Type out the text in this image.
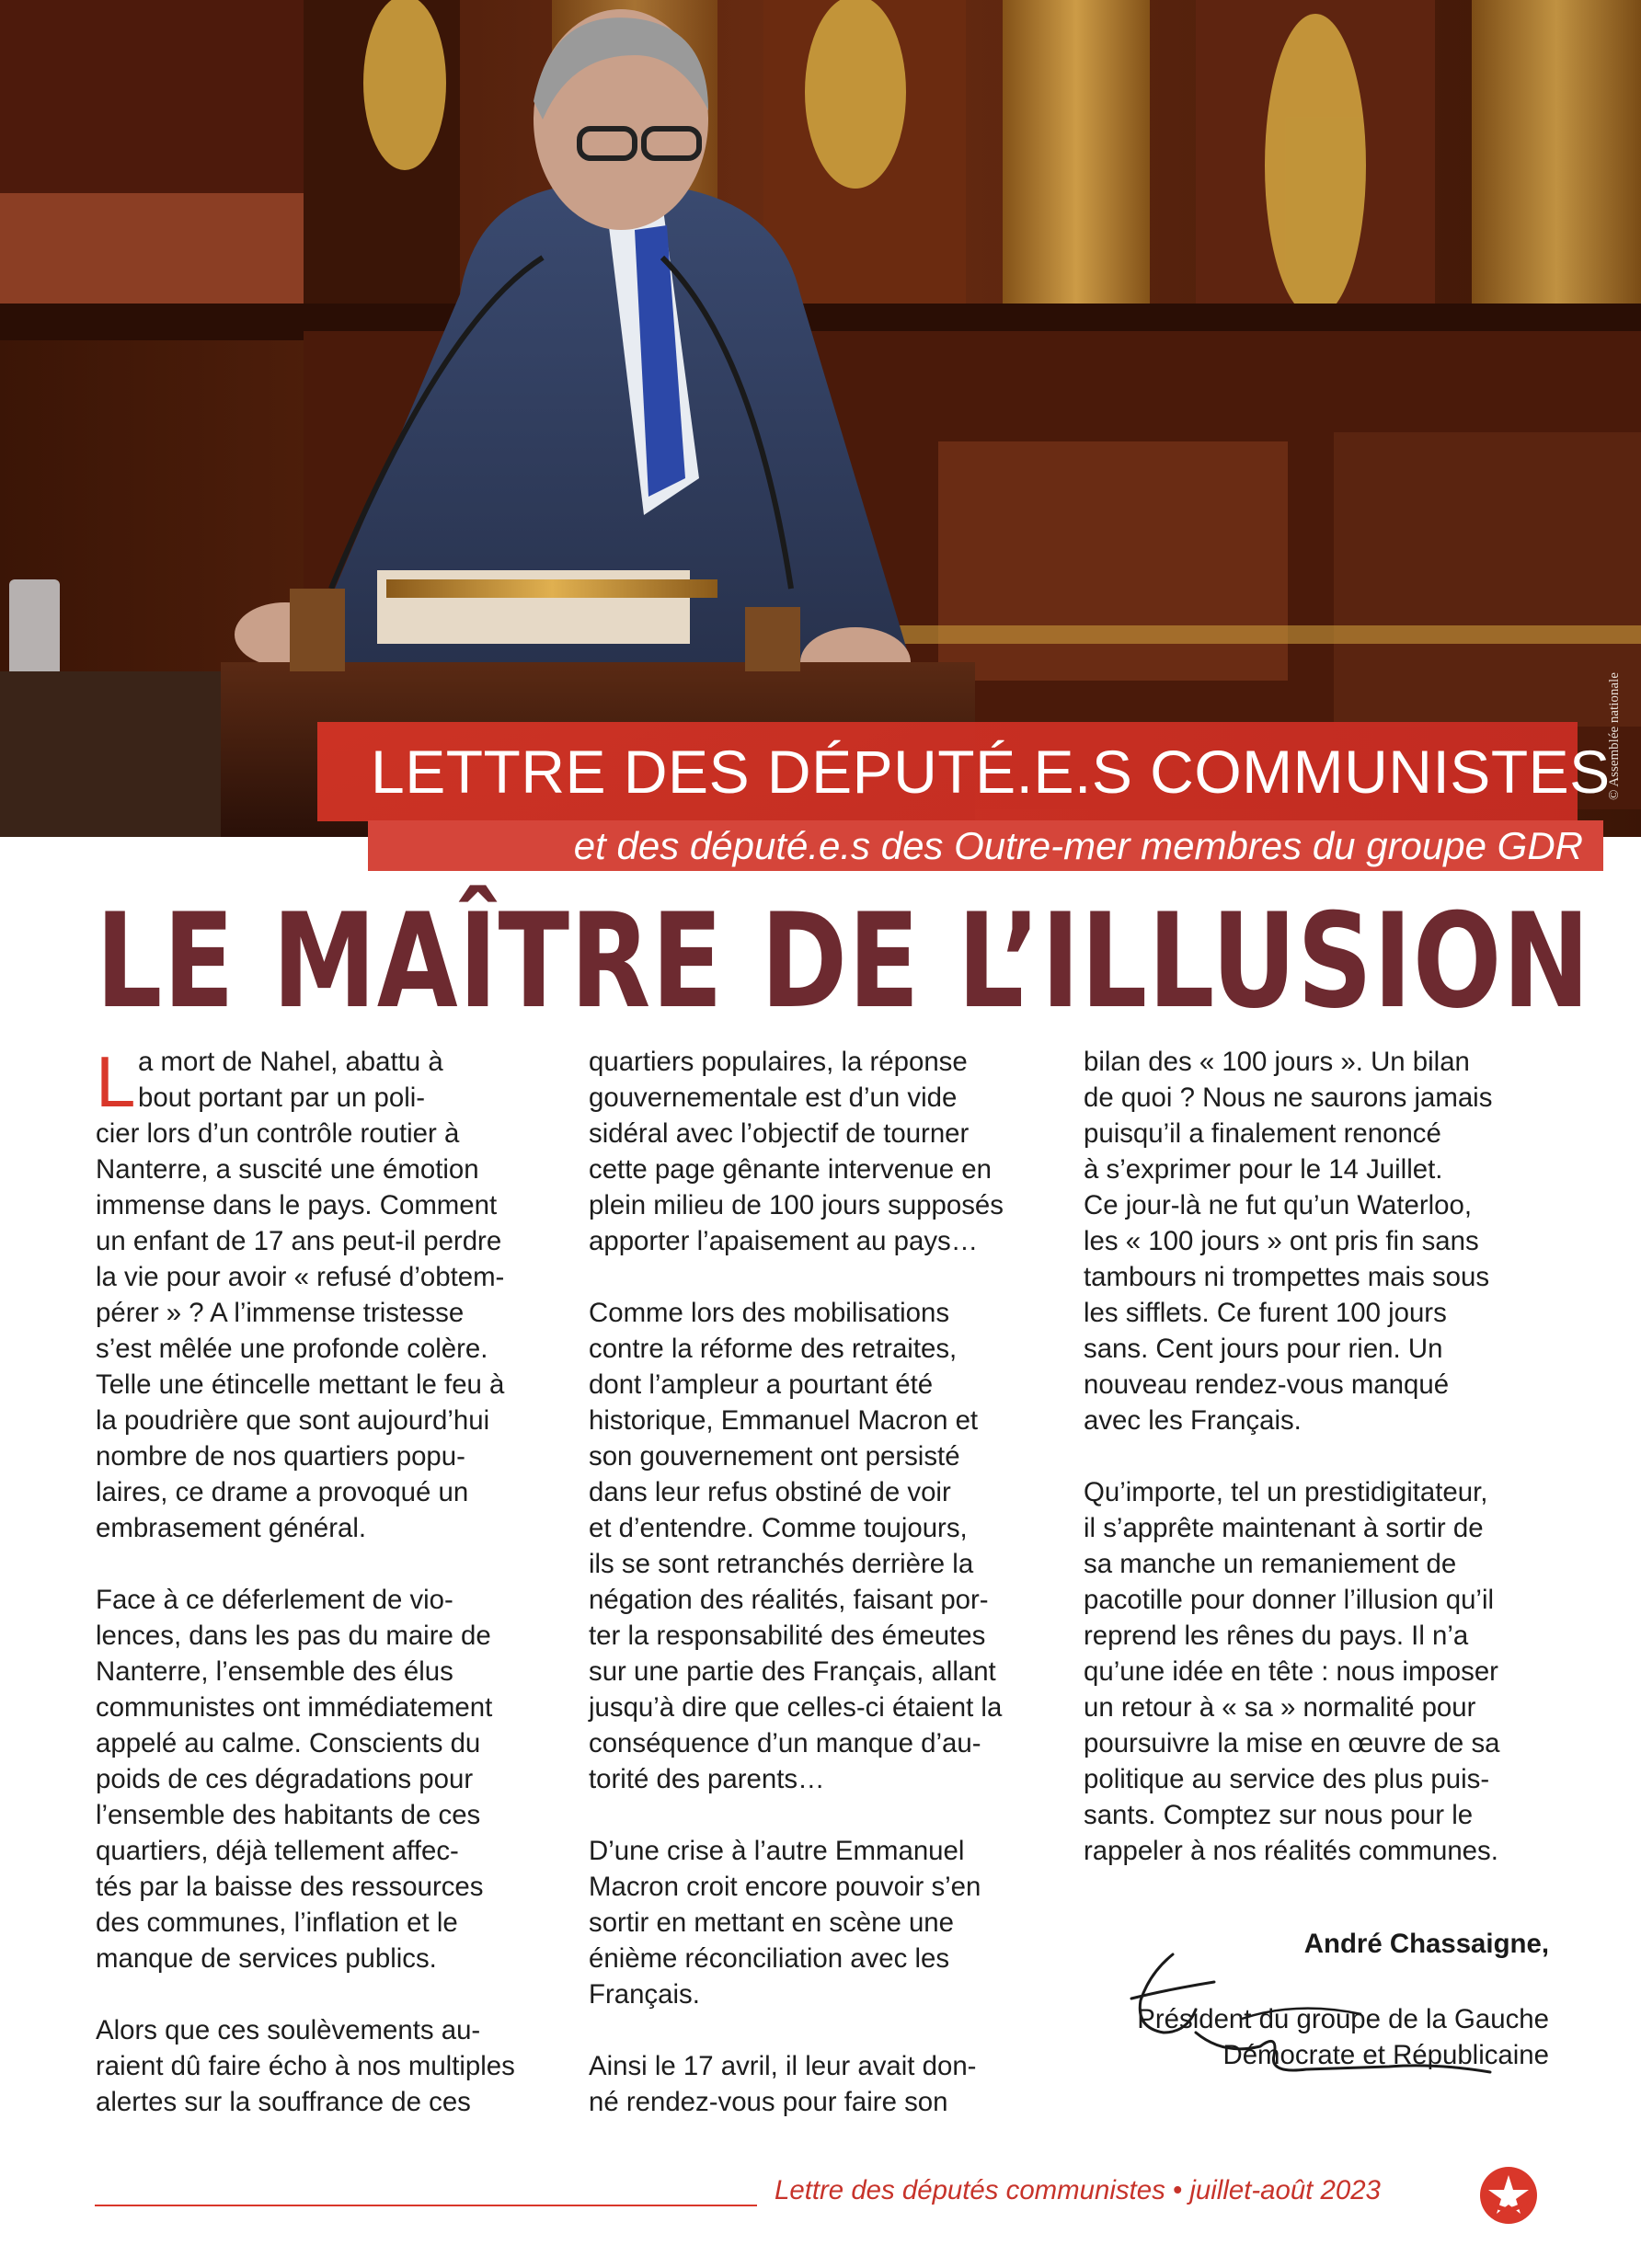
© Assemblée nationale
LETTRE DES DÉPUTÉ.E.S COMMUNISTES
et des député.e.s des Outre-mer membres du groupe GDR
LE MAÎTRE DE L’ILLUSION
L a mort de Nahel, abattu à
bout portant par un poli-
cier lors d’un contrôle routier à
Nanterre, a suscité une émotion
immense dans le pays. Comment
un enfant de 17 ans peut-il perdre
la vie pour avoir « refusé d’obtem-
pérer » ? A l’immense tristesse
s’est mêlée une profonde colère.
Telle une étincelle mettant le feu à
la poudrière que sont aujourd’hui
nombre de nos quartiers popu-
laires, ce drame a provoqué un
embrasement général.

Face à ce déferlement de vio-
lences, dans les pas du maire de
Nanterre, l’ensemble des élus
communistes ont immédiatement
appelé au calme. Conscients du
poids de ces dégradations pour
l’ensemble des habitants de ces
quartiers, déjà tellement affec-
tés par la baisse des ressources
des communes, l’inflation et le
manque de services publics.

Alors que ces soulèvements au-
raient dû faire écho à nos multiples
alertes sur la souffrance de ces

quartiers populaires, la réponse
gouvernementale est d’un vide
sidéral avec l’objectif de tourner
cette page gênante intervenue en
plein milieu de 100 jours supposés
apporter l’apaisement au pays…

Comme lors des mobilisations
contre la réforme des retraites,
dont l’ampleur a pourtant été
historique, Emmanuel Macron et
son gouvernement ont persisté
dans leur refus obstiné de voir
et d’entendre. Comme toujours,
ils se sont retranchés derrière la
négation des réalités, faisant por-
ter la responsabilité des émeutes
sur une partie des Français, allant
jusqu’à dire que celles-ci étaient la
conséquence d’un manque d’au-
torité des parents…

D’une crise à l’autre Emmanuel
Macron croit encore pouvoir s’en
sortir en mettant en scène une
énième réconciliation avec les
Français.

Ainsi le 17 avril, il leur avait don-
né rendez-vous pour faire son

bilan des « 100 jours ». Un bilan
de quoi ? Nous ne saurons jamais
puisqu’il a finalement renoncé
à s’exprimer pour le 14 Juillet.
Ce jour-là ne fut qu’un Waterloo,
les « 100 jours » ont pris fin sans
tambours ni trompettes mais sous
les sifflets. Ce furent 100 jours
sans. Cent jours pour rien. Un
nouveau rendez-vous manqué
avec les Français.

Qu’importe, tel un prestidigitateur,
il s’apprête maintenant à sortir de
sa manche un remaniement de
pacotille pour donner l’illusion qu’il
reprend les rênes du pays. Il n’a
qu’une idée en tête : nous imposer
un retour à « sa » normalité pour
poursuivre la mise en œuvre de sa
politique au service des plus puis-
sants. Comptez sur nous pour le
rappeler à nos réalités communes.

André Chassaigne,
Président du groupe de la Gauche
Démocrate et Républicaine
Lettre des députés communistes • juillet-août 2023
